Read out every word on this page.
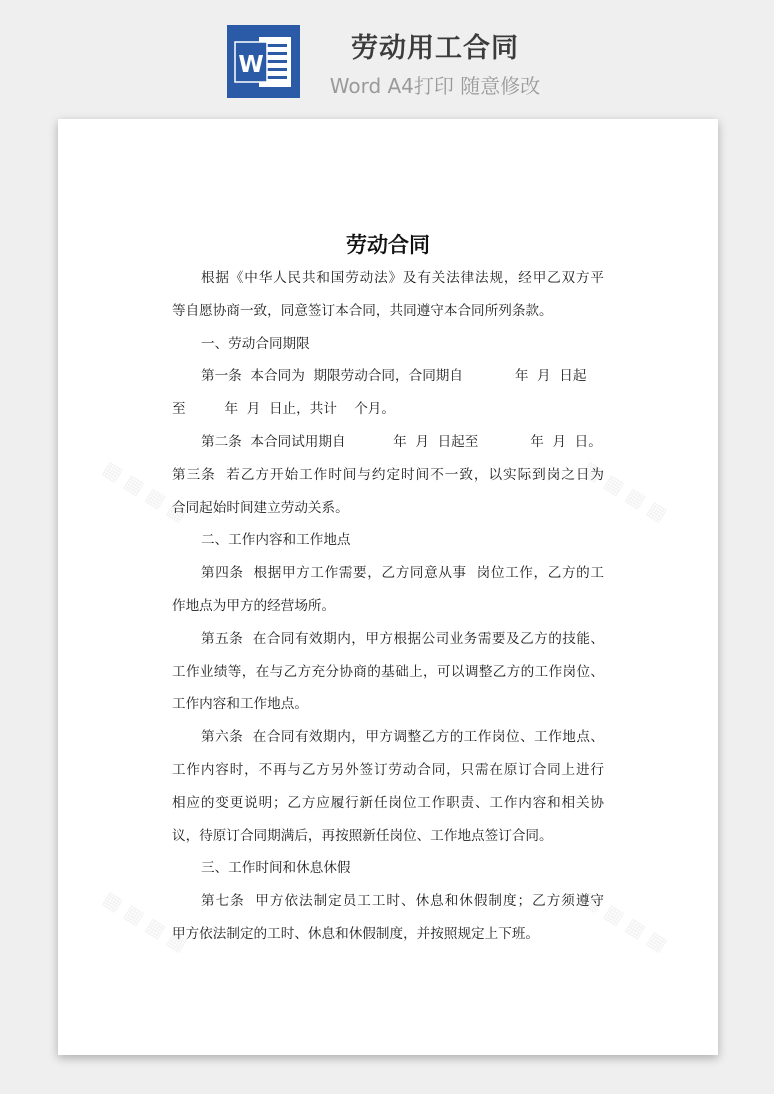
W
劳动用工合同
Word A4打印 随意修改
▦ ▦ ▦ ▦	▦ ▦ ▦ ▦
▦ ▦ ▦ ▦	▦ ▦ ▦ ▦
劳动合同
根据《中华人民共和国劳动法》及有关法律法规，经甲乙双方平
等自愿协商一致，同意签订本合同，共同遵守本合同所列条款。
一、劳动合同期限
第一条  本合同为  期限劳动合同，合同期自            年  月  日起
至         年  月  日止，共计    个月。
第二条  本合同试用期自           年  月  日起至            年  月  日。
第三条  若乙方开始工作时间与约定时间不一致，以实际到岗之日为
合同起始时间建立劳动关系。
二、工作内容和工作地点
第四条  根据甲方工作需要，乙方同意从事  岗位工作，乙方的工
作地点为甲方的经营场所。
第五条  在合同有效期内，甲方根据公司业务需要及乙方的技能、
工作业绩等，在与乙方充分协商的基础上，可以调整乙方的工作岗位、
工作内容和工作地点。
第六条  在合同有效期内，甲方调整乙方的工作岗位、工作地点、
工作内容时，不再与乙方另外签订劳动合同，只需在原订合同上进行
相应的变更说明；乙方应履行新任岗位工作职责、工作内容和相关协
议，待原订合同期满后，再按照新任岗位、工作地点签订合同。
三、工作时间和休息休假
第七条  甲方依法制定员工工时、休息和休假制度；乙方须遵守
甲方依法制定的工时、休息和休假制度，并按照规定上下班。
